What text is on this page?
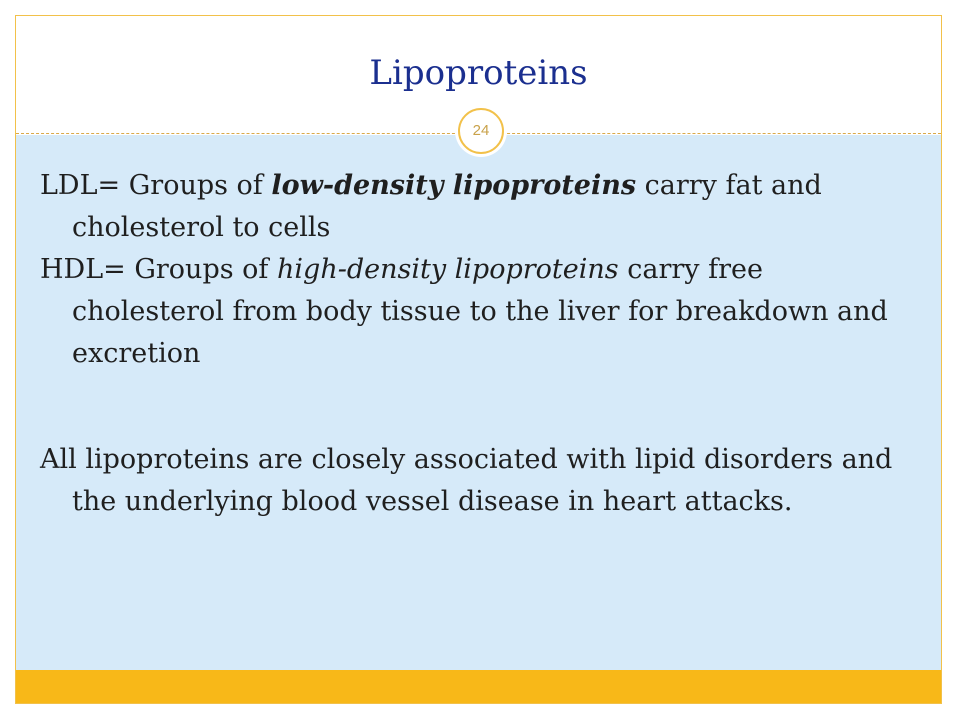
Lipoproteins
24

LDL= Groups of low-density lipoproteins carry fat and cholesterol to cells

HDL= Groups of high-density lipoproteins carry free cholesterol from body tissue to the liver for breakdown and excretion

All lipoproteins are closely associated with lipid disorders and the underlying blood vessel disease in heart attacks.
